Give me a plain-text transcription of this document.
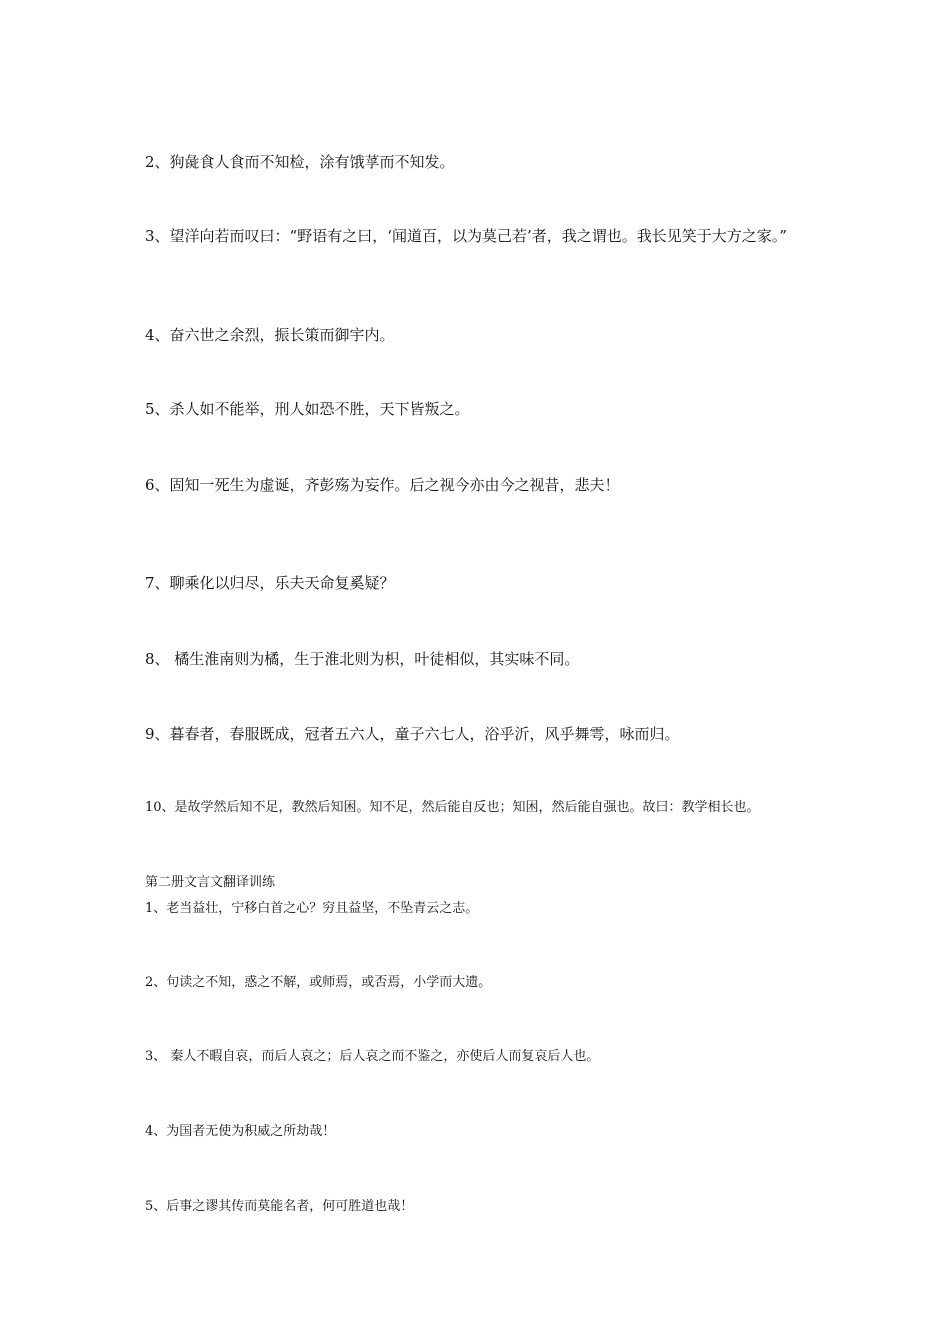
2、狗彘食人食而不知检，涂有饿莩而不知发。

3、望洋向若而叹曰：“野语有之曰，‘闻道百，以为莫己若’者，我之谓也。我长见笑于大方之家。”

4、奋六世之余烈，振长策而御宇内。

5、杀人如不能举，刑人如恐不胜，天下皆叛之。

6、固知一死生为虚诞，齐彭殇为妄作。后之视今亦由今之视昔，悲夫！

7、聊乘化以归尽，乐夫天命复奚疑？

8、 橘生淮南则为橘，生于淮北则为枳，叶徒相似，其实味不同。

9、暮春者，春服既成，冠者五六人，童子六七人，浴乎沂，风乎舞雩，咏而归。

10、是故学然后知不足，教然后知困。知不足，然后能自反也；知困，然后能自强也。故曰：教学相长也。

第二册文言文翻译训练

1、老当益壮，宁移白首之心？穷且益坚，不坠青云之志。

2、句读之不知，惑之不解，或师焉，或否焉，小学而大遗。

3、 秦人不暇自哀，而后人哀之；后人哀之而不鉴之，亦使后人而复哀后人也。

4、为国者无使为积威之所劫哉！

5、后事之谬其传而莫能名者，何可胜道也哉！
